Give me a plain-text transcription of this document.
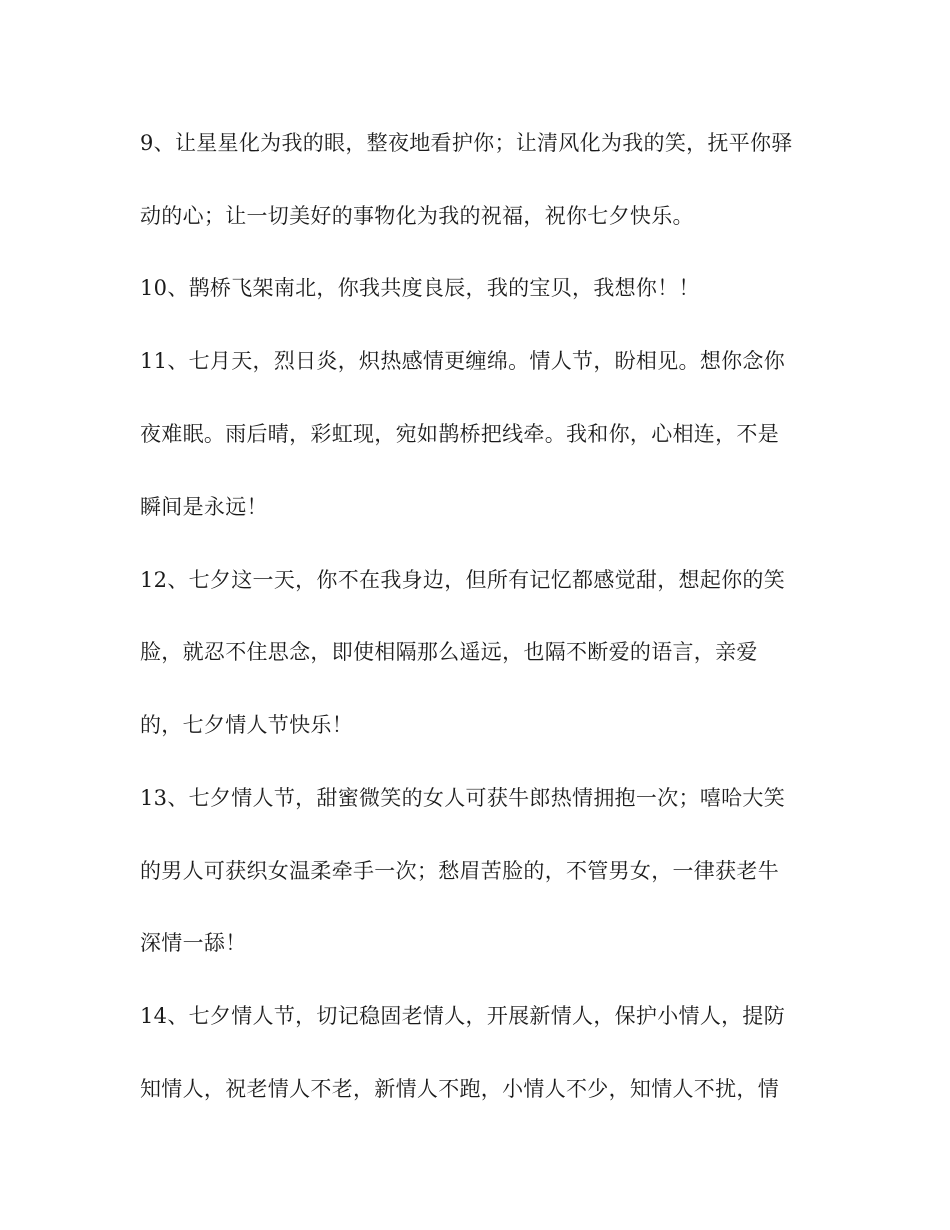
9、让星星化为我的眼，整夜地看护你；让清风化为我的笑，抚平你驿

动的心；让一切美好的事物化为我的祝福，祝你七夕快乐。

10、鹊桥飞架南北，你我共度良辰，我的宝贝，我想你！！

11、七月天，烈日炎，炽热感情更缠绵。情人节，盼相见。想你念你

夜难眠。雨后晴，彩虹现，宛如鹊桥把线牵。我和你，心相连，不是

瞬间是永远！

12、七夕这一天，你不在我身边，但所有记忆都感觉甜，想起你的笑

脸，就忍不住思念，即使相隔那么遥远，也隔不断爱的语言，亲爱

的，七夕情人节快乐！

13、七夕情人节，甜蜜微笑的女人可获牛郎热情拥抱一次；嘻哈大笑

的男人可获织女温柔牵手一次；愁眉苦脸的，不管男女，一律获老牛

深情一舔！

14、七夕情人节，切记稳固老情人，开展新情人，保护小情人，提防

知情人，祝老情人不老，新情人不跑，小情人不少，知情人不扰，情
